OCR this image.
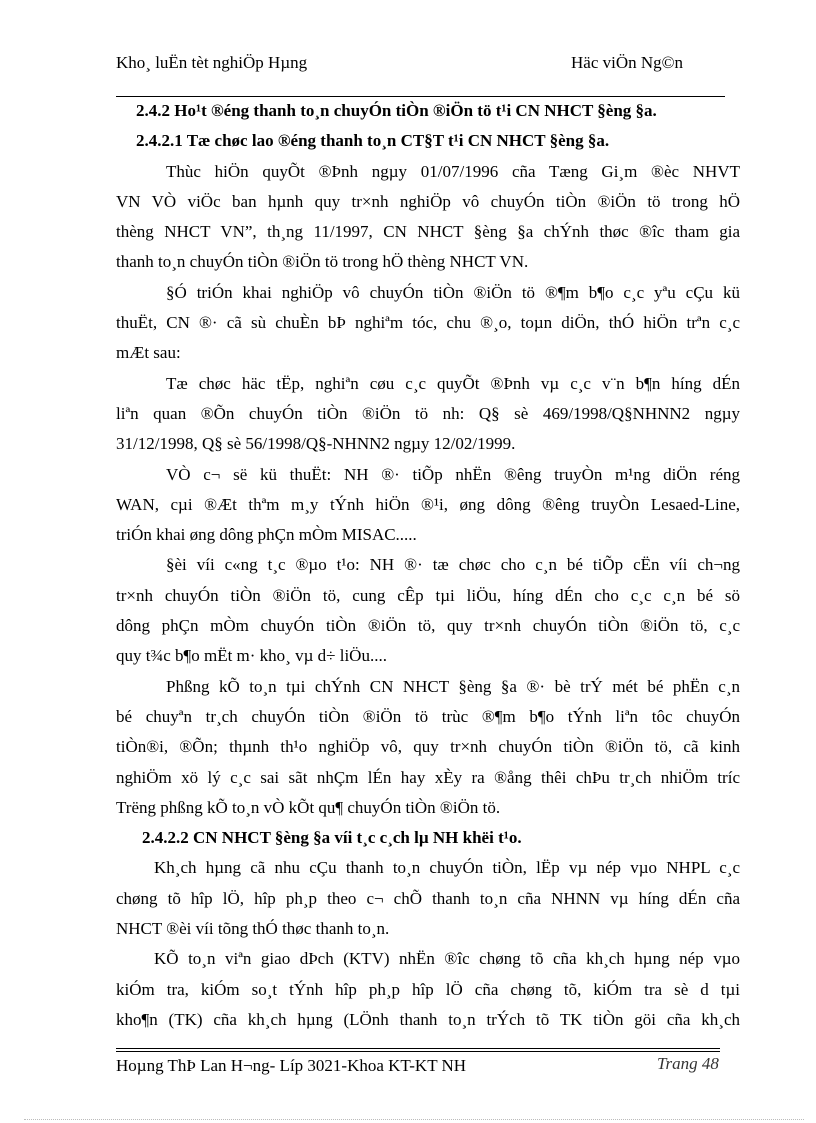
Kho¸ luËn tèt nghiÖp Hµng	Häc viÖn Ng©n
2.4.2 Ho¹t ®éng thanh to¸n chuyÓn tiÒn ®iÖn tö t¹i CN NHCT §èng §a.
2.4.2.1 Tæ chøc lao ®éng thanh to¸n CT§T t¹i CN NHCT §èng §a.
Thùc hiÖn quyÕt ®Þnh ngµy 01/07/1996 cña Tæng Gi¸m ®èc NHVT
VN VÒ viÖc ban hµnh quy tr×nh nghiÖp vô chuyÓn tiÒn ®iÖn tö trong hÖ
thèng NHCT VN”, th¸ng 11/1997, CN NHCT §èng §a chÝnh thøc ®îc tham gia
thanh to¸n chuyÓn tiÒn ®iÖn tö trong hÖ thèng NHCT VN.
§Ó triÓn khai nghiÖp vô chuyÓn tiÒn ®iÖn tö ®¶m b¶o c¸c yªu cÇu kü
thuËt, CN ®· cã sù chuÈn bÞ nghiªm tóc, chu ®¸o, toµn diÖn, thÓ hiÖn trªn c¸c
mÆt sau:
Tæ chøc häc tËp, nghiªn cøu c¸c quyÕt ®Þnh vµ c¸c v¨n b¶n híng dÉn
liªn quan ®Õn chuyÓn tiÒn ®iÖn tö nh: Q§ sè 469/1998/Q§NHNN2 ngµy
31/12/1998, Q§ sè 56/1998/Q§-NHNN2 ngµy 12/02/1999.
VÒ c¬ së kü thuËt: NH ®· tiÕp nhËn ®êng truyÒn m¹ng diÖn réng
WAN, cµi ®Æt thªm m¸y tÝnh hiÖn ®¹i, øng dông ®êng truyÒn Lesaed-Line,
triÓn khai øng dông phÇn mÒm MISAC.....
§èi víi c«ng t¸c ®µo t¹o: NH ®· tæ chøc cho c¸n bé tiÕp cËn víi ch¬ng
tr×nh chuyÓn tiÒn ®iÖn tö, cung cÊp tµi liÖu, híng dÉn cho c¸c c¸n bé sö
dông phÇn mÒm chuyÓn tiÒn ®iÖn tö, quy tr×nh chuyÓn tiÒn ®iÖn tö, c¸c
quy t¾c b¶o mËt m· kho¸ vµ d÷ liÖu....
Phßng kÕ to¸n tµi chÝnh CN NHCT §èng §a ®· bè trÝ mét bé phËn c¸n
bé chuyªn tr¸ch chuyÓn tiÒn ®iÖn tö trùc ®¶m b¶o tÝnh liªn tôc chuyÓn
tiÒn®i, ®Õn; thµnh th¹o nghiÖp vô, quy tr×nh chuyÓn tiÒn ®iÖn tö, cã kinh
nghiÖm xö lý c¸c sai sãt nhÇm lÉn hay xÈy ra ®ång thêi chÞu tr¸ch nhiÖm tríc
Trëng phßng kÕ to¸n vÒ kÕt qu¶ chuyÓn tiÒn ®iÖn tö.
2.4.2.2 CN NHCT §èng §a víi t¸c c¸ch lµ NH khëi t¹o.
Kh¸ch hµng cã nhu cÇu thanh to¸n chuyÓn tiÒn, lËp vµ nép vµo NHPL c¸c
chøng tõ hîp lÖ, hîp ph¸p theo c¬ chÕ thanh to¸n cña NHNN vµ híng dÉn cña
NHCT ®èi víi tõng thÓ thøc thanh to¸n.
KÕ to¸n viªn giao dÞch (KTV) nhËn ®îc chøng tõ cña kh¸ch hµng nép vµo
kiÓm tra, kiÓm so¸t tÝnh hîp ph¸p hîp lÖ cña chøng tõ, kiÓm tra sè d tµi
kho¶n (TK) cña kh¸ch hµng (LÖnh thanh to¸n trÝch tõ TK tiÒn göi cña kh¸ch
Hoµng ThÞ Lan H¬ng- Líp 3021-Khoa KT-KT NH	Trang 48
